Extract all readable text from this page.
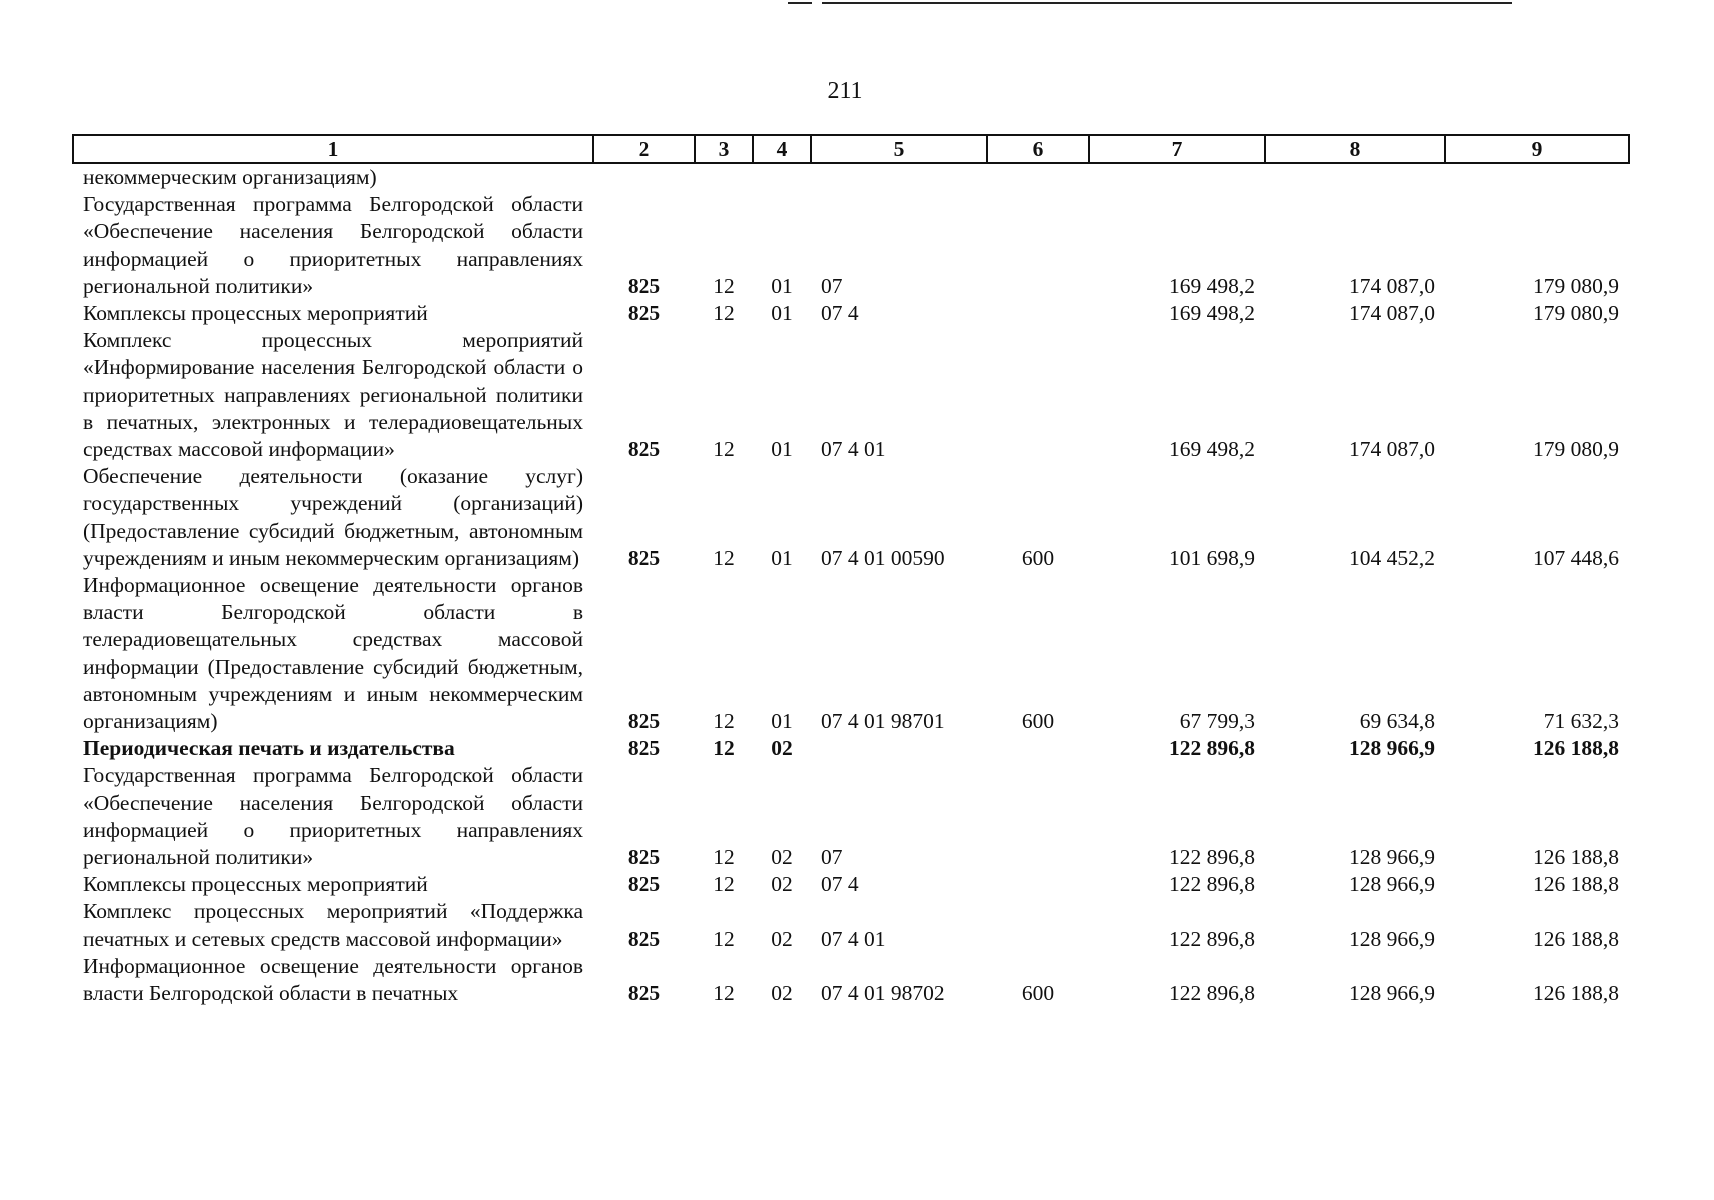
211
1	2	3	4	5	6	7	8	9
некоммерческим организациям)								
Государственная программа Белгородской области «Обеспечение населения Белгородской области информацией о приоритетных направлениях региональной политики»	825	12	01	07		169 498,2	174 087,0	179 080,9
Комплексы процессных мероприятий	825	12	01	07 4		169 498,2	174 087,0	179 080,9
Комплекс процессных мероприятий «Информирование населения Белгородской области о приоритетных направлениях региональной политики в печатных, электронных и телерадиовещательных средствах массовой информации»	825	12	01	07 4 01		169 498,2	174 087,0	179 080,9
Обеспечение деятельности (оказание услуг) государственных учреждений (организаций) (Предоставление субсидий бюджетным, автономным учреждениям и иным некоммерческим организациям)	825	12	01	07 4 01 00590	600	101 698,9	104 452,2	107 448,6
Информационное освещение деятельности органов власти Белгородской области в телерадиовещательных средствах массовой информации (Предоставление субсидий бюджетным, автономным учреждениям и иным некоммерческим организациям)	825	12	01	07 4 01 98701	600	67 799,3	69 634,8	71 632,3
Периодическая печать и издательства	825	12	02			122 896,8	128 966,9	126 188,8
Государственная программа Белгородской области «Обеспечение населения Белгородской области информацией о приоритетных направлениях региональной политики»	825	12	02	07		122 896,8	128 966,9	126 188,8
Комплексы процессных мероприятий	825	12	02	07 4		122 896,8	128 966,9	126 188,8
Комплекс процессных мероприятий «Поддержка печатных и сетевых средств массовой информации»	825	12	02	07 4 01		122 896,8	128 966,9	126 188,8
Информационное освещение деятельности органов власти Белгородской области в печатных	825	12	02	07 4 01 98702	600	122 896,8	128 966,9	126 188,8
